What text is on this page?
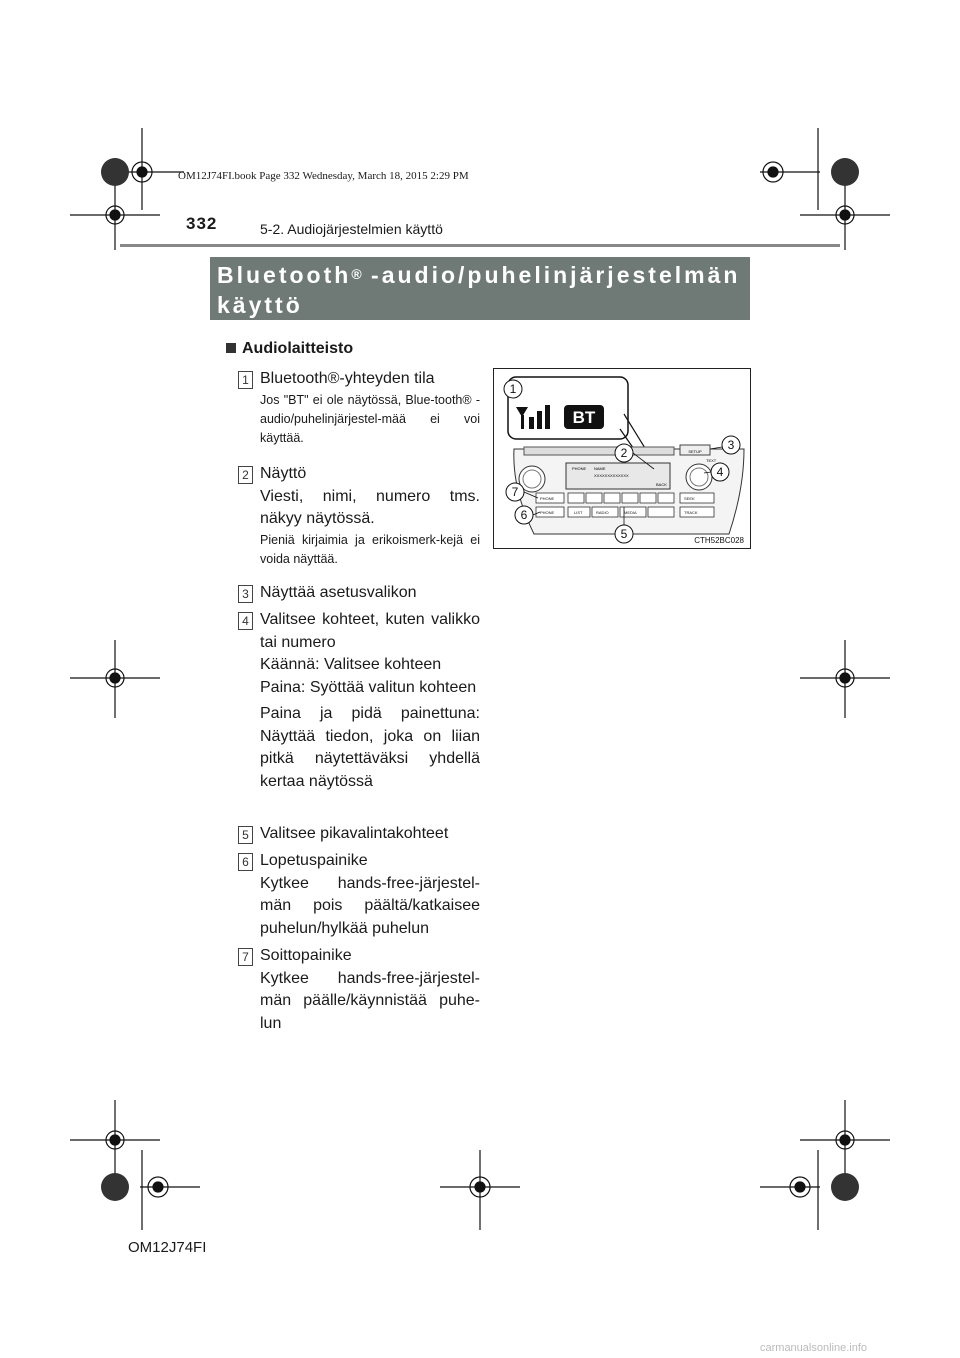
OM12J74FI.book Page 332 Wednesday, March 18, 2015 2:29 PM
332	5-2. Audiojärjestelmien käyttö
Bluetooth® -audio/puhelinjärjestelmän
käyttö
Audiolaitteisto
1 Bluetooth®-yhteyden tila

Jos "BT" ei ole näytössä, Blue-tooth® -audio/puhelinjärjestel-mää ei voi käyttää.

2 Näyttö

Viesti, nimi, numero tms. näkyy näytössä.

Pieniä kirjaimia ja erikoismerk-kejä ei voida näyttää.

3 Näyttää asetusvalikon

4 Valitsee kohteet, kuten valikko tai numero

Käännä: Valitsee kohteen

Paina: Syöttää valitun kohteen

Paina ja pidä painettuna: Näyttää tiedon, joka on liian pitkä näytettäväksi yhdellä kertaa näytössä

5 Valitsee pikavalintakohteet

6 Lopetuspainike

Kytkee hands-free-järjestel-män pois päältä/katkaisee puhelun/hylkää puhelun

7 Soittopainike

Kytkee hands-free-järjestel-män päälle/käynnistää puhe-lun

BT
SETUP
TEXT
PHONE NAME
XXXXXXXXXXXXX
BACK
PHONE
PHONE	LIST	RADIO	MEDIA
SEEK
TRACK
1
2
3
4
5
6
7
CTH52BC028
OM12J74FI
carmanualsonline.info
